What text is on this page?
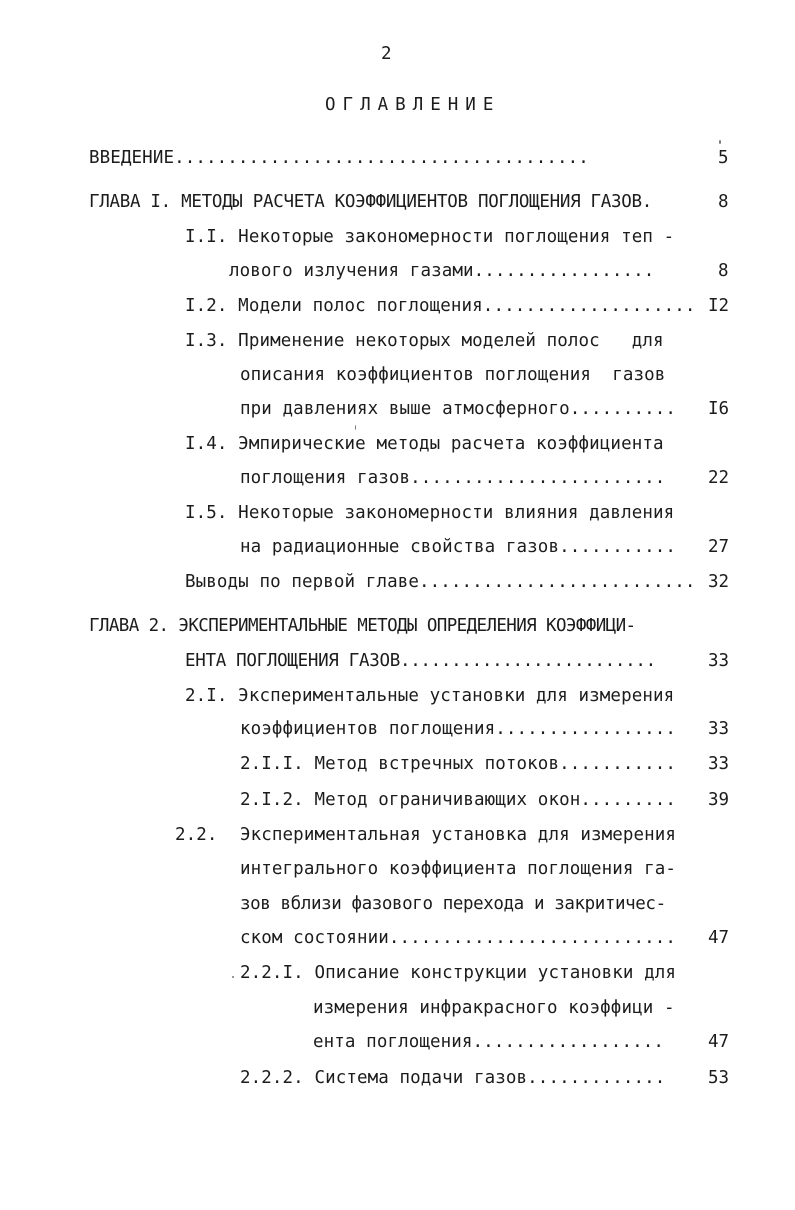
2
ОГЛАВЛЕНИЕ
ВВЕДЕНИЕ.......................................	5
ГЛАВА I. МЕТОДЫ РАСЧЕТА КОЭФФИЦИЕНТОВ ПОГЛОЩЕНИЯ ГАЗОВ.	8
I.I. Некоторые закономерности поглощения теп -
лового излучения газами.................	8
I.2. Модели полос поглощения.................... I2
I.3. Применение некоторых моделей полос   для
описания коэффициентов поглощения  газов
при давлениях выше атмосферного.......... I6
I.4. Эмпирические методы расчета коэффициента
поглощения газов........................ 22
I.5. Некоторые закономерности влияния давления
на радиационные свойства газов........... 27
Выводы по первой главе.......................... 32
ГЛАВА 2. ЭКСПЕРИМЕНТАЛЬНЫЕ МЕТОДЫ ОПРЕДЕЛЕНИЯ КОЭФФИЦИ-
ЕНТА ПОГЛОЩЕНИЯ ГАЗОВ.........................	33
2.I. Экспериментальные установки для измерения
коэффициентов поглощения................. 33
2.I.I. Метод встречных потоков........... 33
2.I.2. Метод ограничивающих окон......... 39
2.2. Экспериментальная установка для измерения
интегрального коэффициента поглощения га-
зов вблизи фазового перехода и закритичес-
ском состоянии........................... 47
2.2.I. Описание конструкции установки для
измерения инфракрасного коэффици -
ента поглощения..................	47
2.2.2. Система подачи газов............. 53
